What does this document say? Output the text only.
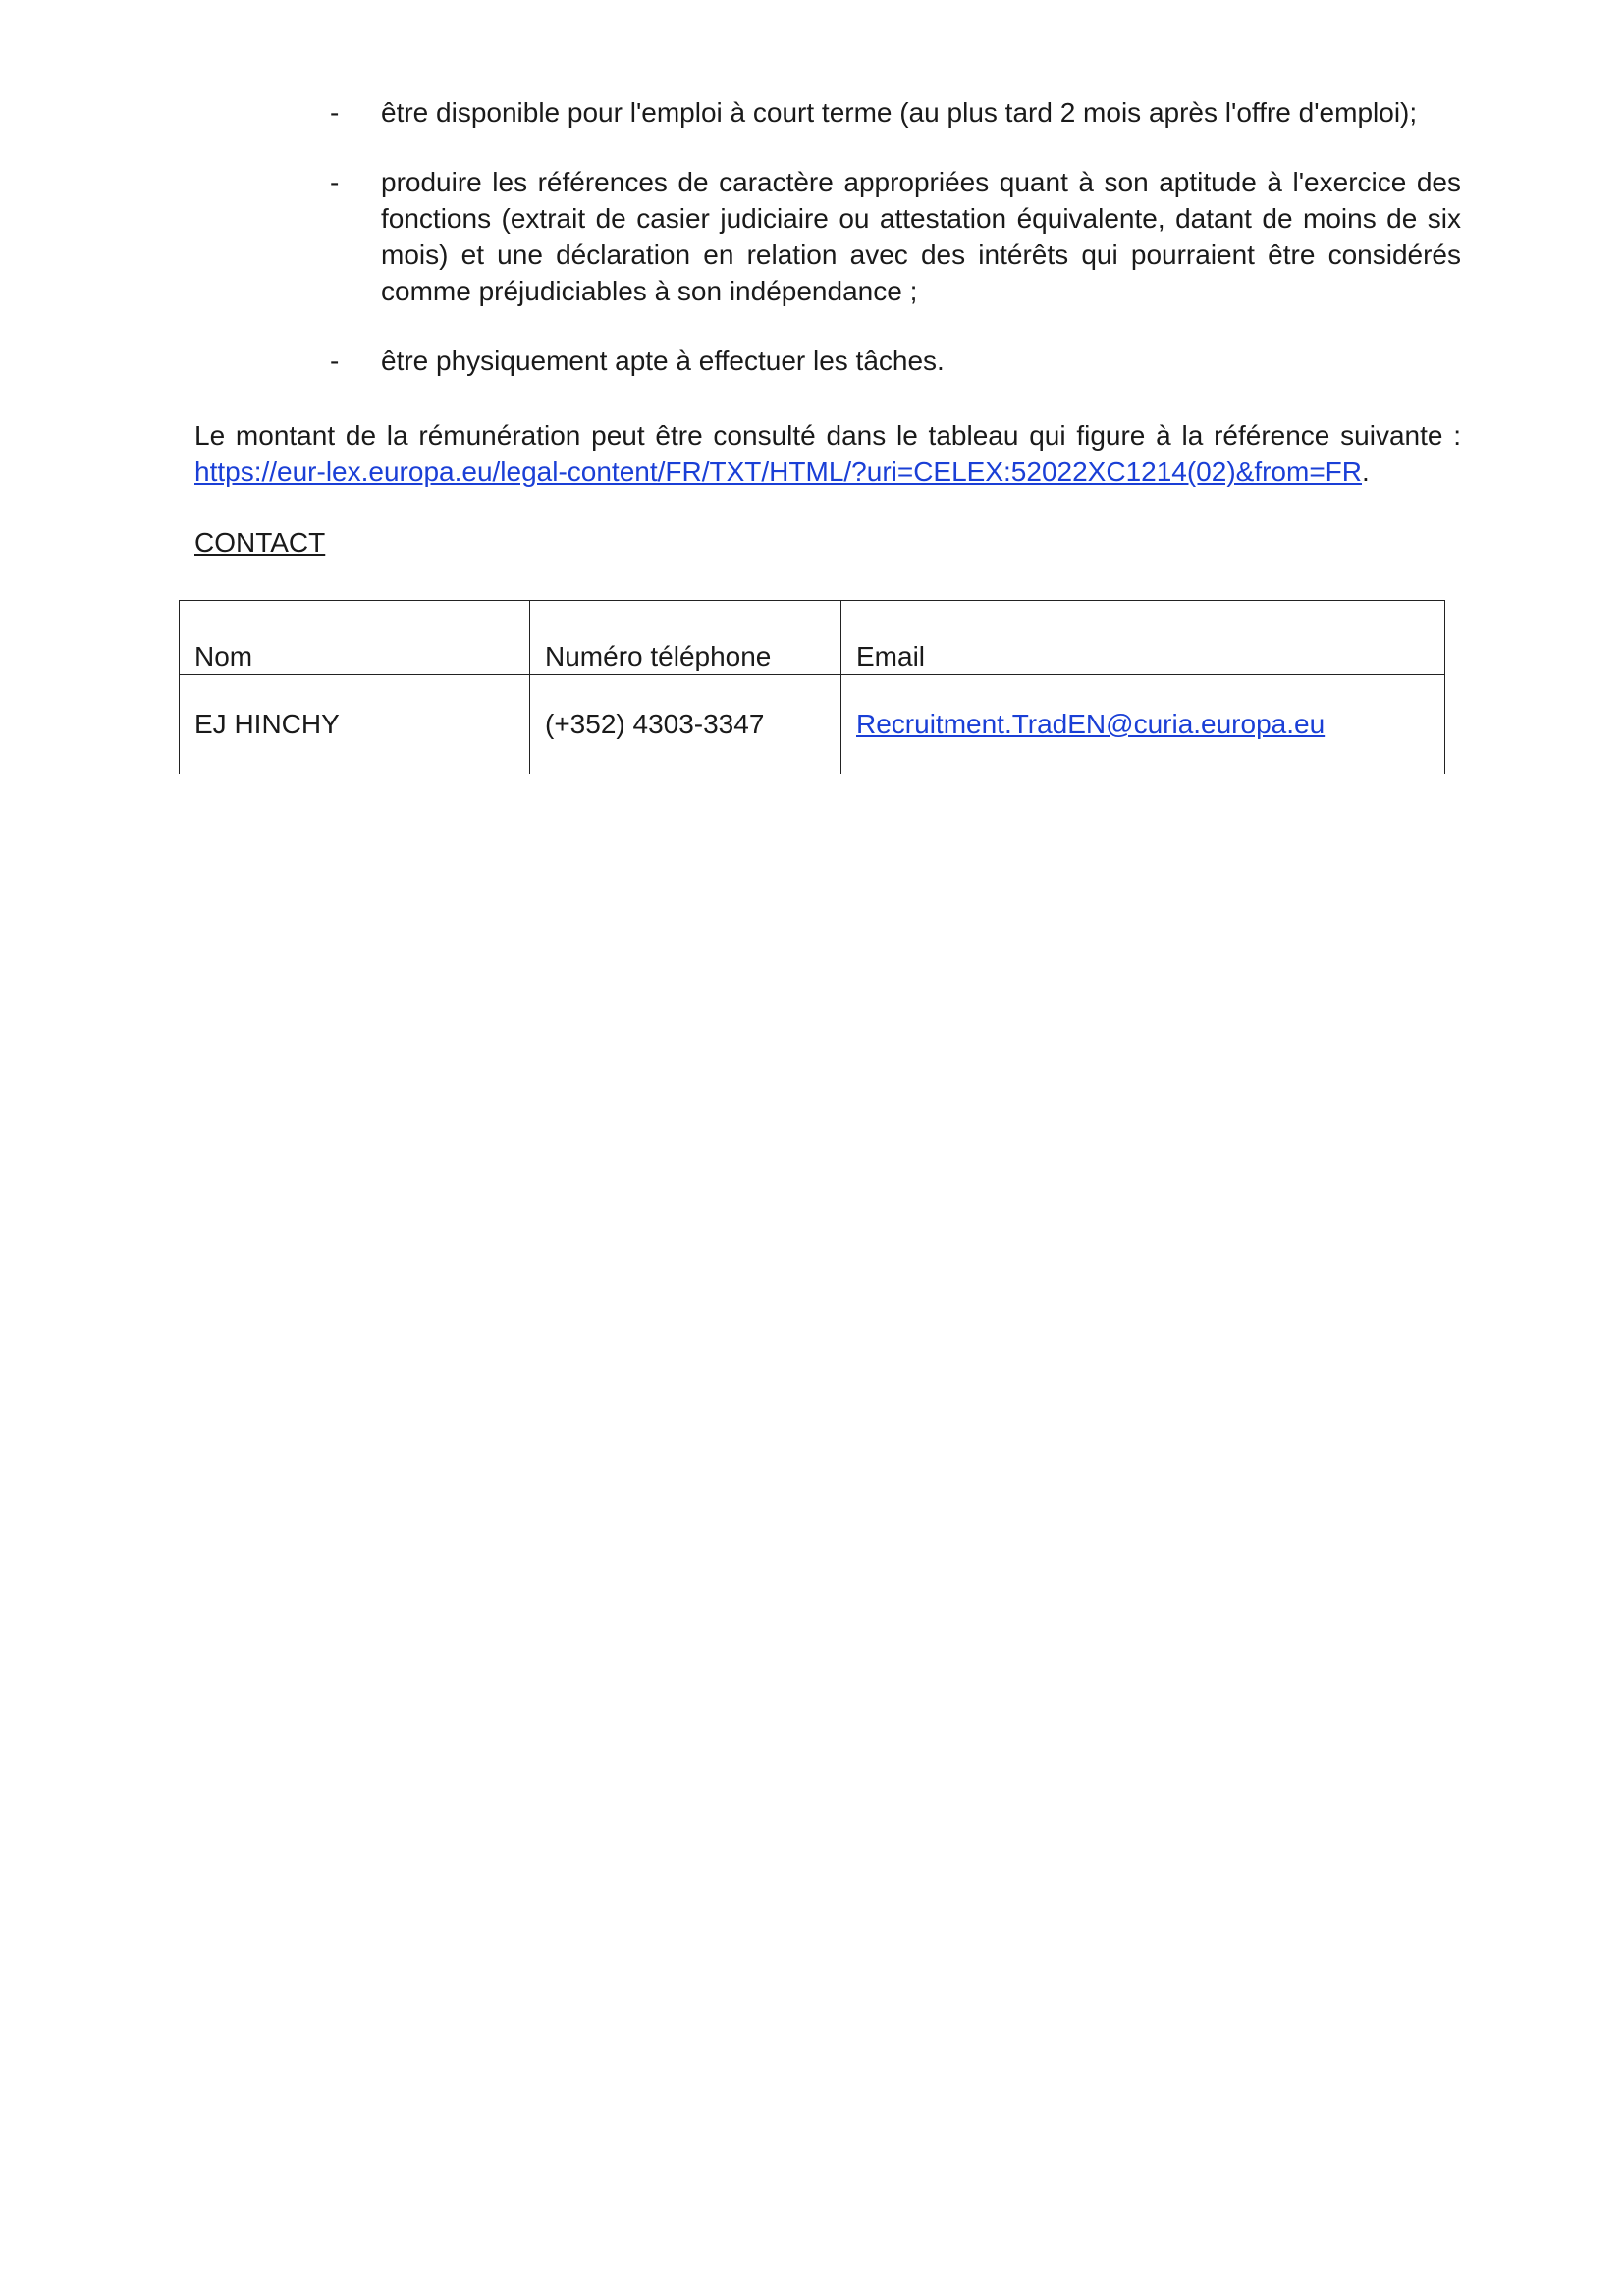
- être disponible pour l'emploi à court terme (au plus tard 2 mois après l'offre d'emploi);
- produire les références de caractère appropriées quant à son aptitude à l'exercice des fonctions (extrait de casier judiciaire ou attestation équivalente, datant de moins de six mois) et une déclaration en relation avec des intérêts qui pourraient être considérés comme préjudiciables à son indépendance ;
- être physiquement apte à effectuer les tâches.
Le montant de la rémunération peut être consulté dans le tableau qui figure à la référence suivante : https://eur-lex.europa.eu/legal-content/FR/TXT/HTML/?uri=CELEX:52022XC1214(02)&from=FR.
CONTACT
Nom	Numéro téléphone	Email
EJ HINCHY	(+352) 4303-3347	Recruitment.TradEN@curia.europa.eu
